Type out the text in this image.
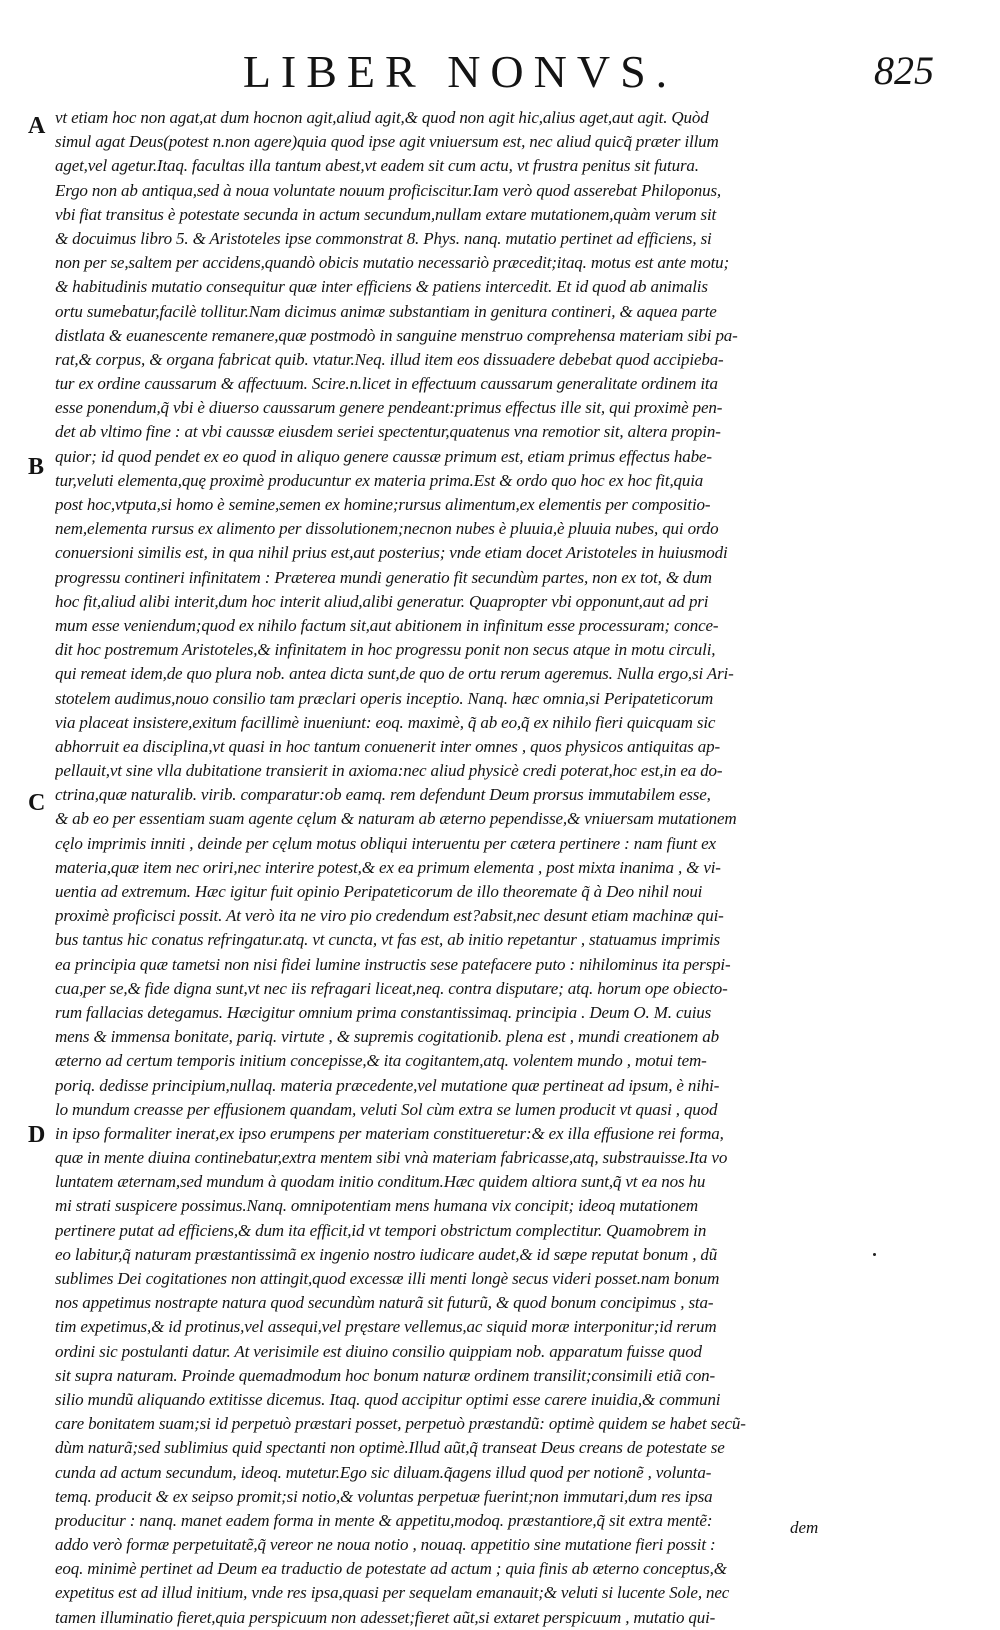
LIBER NONVS.	825
A
B
C
D
vt etiam hoc non agat,at dum hocnon agit,aliud agit,& quod non agit hic,alius aget,aut agit. Quòd
simul agat Deus(potest n.non agere)quia quod ipse agit vniuersum est, nec aliud quicq̃ præter illum
aget,vel agetur.Itaq. facultas illa tantum abest,vt eadem sit cum actu, vt frustra penitus sit futura.
Ergo non ab antiqua,sed à noua voluntate nouum proficiscitur.Iam verò quod asserebat Philoponus,
vbi fiat transitus è potestate secunda in actum secundum,nullam extare mutationem,quàm verum sit
& docuimus libro 5. & Aristoteles ipse commonstrat 8. Phys. nanq. mutatio pertinet ad efficiens, si
non per se,saltem per accidens,quandò obicis mutatio necessariò præcedit;itaq. motus est ante motu;
& habitudinis mutatio consequitur quæ inter efficiens & patiens intercedit. Et id quod ab animalis
ortu sumebatur,facilè tollitur.Nam dicimus animæ substantiam in genitura contineri, & aquea parte
distlata & euanescente remanere,quæ postmodò in sanguine menstruo comprehensa materiam sibi pa-
rat,& corpus, & organa fabricat quib. vtatur.Neq. illud item eos dissuadere debebat quod accipieba-
tur ex ordine caussarum & affectuum. Scire.n.licet in effectuum caussarum generalitate ordinem ita
esse ponendum,q̃ vbi è diuerso caussarum genere pendeant:primus effectus ille sit, qui proximè pen-
det ab vltimo fine : at vbi caussæ eiusdem seriei spectentur,quatenus vna remotior sit, altera propin-
quior; id quod pendet ex eo quod in aliquo genere caussæ primum est, etiam primus effectus habe-
tur,veluti elementa,quę proximè producuntur ex materia prima.Est & ordo quo hoc ex hoc fit,quia
post hoc,vtputa,si homo è semine,semen ex homine;rursus alimentum,ex elementis per compositio-
nem,elementa rursus ex alimento per dissolutionem;necnon nubes è pluuia,è pluuia nubes, qui ordo
conuersioni similis est, in qua nihil prius est,aut posterius; vnde etiam docet Aristoteles in huiusmodi
progressu contineri infinitatem : Præterea mundi generatio fit secundùm partes, non ex tot, & dum
hoc fit,aliud alibi interit,dum hoc interit aliud,alibi generatur. Quapropter vbi opponunt,aut ad pri
mum esse veniendum;quod ex nihilo factum sit,aut abitionem in infinitum esse processuram; conce-
dit hoc postremum Aristoteles,& infinitatem in hoc progressu ponit non secus atque in motu circuli,
qui remeat idem,de quo plura nob. antea dicta sunt,de quo de ortu rerum ageremus. Nulla ergo,si Ari-
stotelem audimus,nouo consilio tam præclari operis inceptio. Nanq. hæc omnia,si Peripateticorum
via placeat insistere,exitum facillimè inueniunt: eoq. maximè, q̃ ab eo,q̃ ex nihilo fieri quicquam sic
abhorruit ea disciplina,vt quasi in hoc tantum conuenerit inter omnes , quos physicos antiquitas ap-
pellauit,vt sine vlla dubitatione transierit in axioma:nec aliud physicè credi poterat,hoc est,in ea do-
ctrina,quæ naturalib. virib. comparatur:ob eamq. rem defendunt Deum prorsus immutabilem esse,
& ab eo per essentiam suam agente cęlum & naturam ab æterno pependisse,& vniuersam mutationem
cęlo imprimis inniti , deinde per cęlum motus obliqui interuentu per cætera pertinere : nam fiunt ex
materia,quæ item nec oriri,nec interire potest,& ex ea primum elementa , post mixta inanima , & vi-
uentia ad extremum. Hæc igitur fuit opinio Peripateticorum de illo theoremate q̃ à Deo nihil noui
proximè proficisci possit. At verò ita ne viro pio credendum est?absit,nec desunt etiam machinæ qui-
bus tantus hic conatus refringatur.atq. vt cuncta, vt fas est, ab initio repetantur , statuamus imprimis
ea principia quæ tametsi non nisi fidei lumine instructis sese patefacere puto : nihilominus ita perspi-
cua,per se,& fide digna sunt,vt nec iis refragari liceat,neq. contra disputare; atq. horum ope obiecto-
rum fallacias detegamus. Hæcigitur omnium prima constantissimaq. principia . Deum O. M. cuius
mens & immensa bonitate, pariq. virtute , & supremis cogitationib. plena est , mundi creationem ab
æterno ad certum temporis initium concepisse,& ita cogitantem,atq. volentem mundo , motui tem-
poriq. dedisse principium,nullaq. materia præcedente,vel mutatione quæ pertineat ad ipsum, è nihi-
lo mundum creasse per effusionem quandam, veluti Sol cùm extra se lumen producit vt quasi , quod
in ipso formaliter inerat,ex ipso erumpens per materiam constitueretur:& ex illa effusione rei forma,
quæ in mente diuina continebatur,extra mentem sibi vnà materiam fabricasse,atq, substrauisse.Ita vo
luntatem æternam,sed mundum à quodam initio conditum.Hæc quidem altiora sunt,q̃ vt ea nos hu
mi strati suspicere possimus.Nanq. omnipotentiam mens humana vix concipit; ideoq mutationem
pertinere putat ad efficiens,& dum ita efficit,id vt tempori obstrictum complectitur. Quamobrem in
eo labitur,q̃ naturam præstantissimã ex ingenio nostro iudicare audet,& id sæpe reputat bonum , dũ
sublimes Dei cogitationes non attingit,quod excessæ illi menti longè secus videri posset.nam bonum
nos appetimus nostrapte natura quod secundùm naturã sit futurũ, & quod bonum concipimus , sta-
tim expetimus,& id protinus,vel assequi,vel pręstare vellemus,ac siquid moræ interponitur;id rerum
ordini sic postulanti datur. At verisimile est diuino consilio quippiam nob. apparatum fuisse quod
sit supra naturam. Proinde quemadmodum hoc bonum naturæ ordinem transilit;consimili etiã con-
silio mundũ aliquando extitisse dicemus. Itaq. quod accipitur optimi esse carere inuidia,& communi
care bonitatem suam;si id perpetuò præstari posset, perpetuò præstandũ: optimè quidem se habet secũ-
dùm naturã;sed sublimius quid spectanti non optimè.Illud aũt,q̃ transeat Deus creans de potestate se
cunda ad actum secundum, ideoq. mutetur.Ego sic diluam.q̃agens illud quod per notionẽ , volunta-
temq. producit & ex seipso promit;si notio,& voluntas perpetuæ fuerint;non immutari,dum res ipsa
producitur : nanq. manet eadem forma in mente & appetitu,modoq. præstantiore,q̃ sit extra mentẽ:
addo verò formæ perpetuitatẽ,q̃ vereor ne noua notio , nouaq. appetitio sine mutatione fieri possit :
eoq. minimè pertinet ad Deum ea traductio de potestate ad actum ; quia finis ab æterno conceptus,&
expetitus est ad illud initium, vnde res ipsa,quasi per sequelam emanauit;& veluti si lucente Sole, nec
tamen illuminatio fieret,quia perspicuum non adesset;fieret aũt,si extaret perspicuum , mutatio qui-
dem
